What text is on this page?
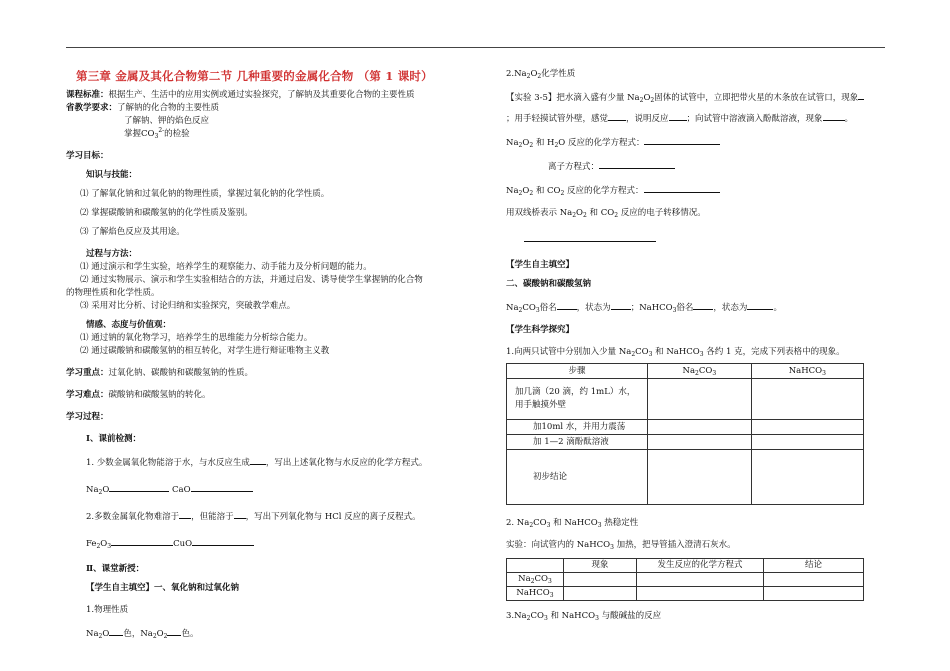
第三章 金属及其化合物第二节 几种重要的金属化合物 （第 1 课时）

课程标准：根据生产、生活中的应用实例或通过实验探究，了解钠及其重要化合物的主要性质

省教学要求：了解钠的化合物的主要性质

了解钠、钾的焰色反应

掌握$CO_3^{2-}$的检验

学习目标：

知识与技能：

⑴ 了解氧化钠和过氧化钠的物理性质，掌握过氧化钠的化学性质。

⑵ 掌握碳酸钠和碳酸氢钠的化学性质及鉴别。

⑶ 了解焰色反应及其用途。

过程与方法：

⑴ 通过演示和学生实验，培养学生的观察能力、动手能力及分析问题的能力。

⑵ 通过实物展示、演示和学生实验相结合的方法，并通过启发、诱导使学生掌握钠的化合物

的物理性质和化学性质。

⑶ 采用对比分析、讨论归纳和实验探究，突破教学难点。

情感、态度与价值观：

⑴ 通过钠的氧化物学习，培养学生的思维能力分析综合能力。

⑵ 通过碳酸钠和碳酸氢钠的相互转化，对学生进行辩证唯物主义教

学习重点：过氧化钠、碳酸钠和碳酸氢钠的性质。

学习难点：碳酸钠和碳酸氢钠的转化。

学习过程：

Ⅰ、课前检测：

1. 少数金属氧化物能溶于水，与水反应生成 ，写出上述氧化物与水反应的化学方程式。

$Na_2O$	CaO

2.多数金属氧化物难溶于 ，但能溶于 ，写出下列氧化物与 HCl 反应的离子反程式。

$Fe_2O_3$	CuO

Ⅱ、课堂新授：

【学生自主填空】一、氧化钠和过氧化钠

1.物理性质

$Na_2O$ 色，$Na_2O_2$ 色。

$2.Na_2O_2$化学性质

【实验 3-5】把水滴入盛有少量 $Na_2O_2$固体的试管中，立即把带火星的木条放在试管口，现象

；用手轻摸试管外壁，感觉 ，说明反应 ；向试管中溶液滴入酚酞溶液，现象	。

$Na_2O_2$ 和 $H_2O$ 反应的化学方程式：

离子方程式：

$Na_2O_2$ 和 $CO_2$ 反应的化学方程式：

用双线桥表示 $Na_2O_2$ 和 $CO_2$ 反应的电子转移情况。

【学生自主填空】

二、碳酸钠和碳酸氢钠

$Na_2CO_3$俗名 ，状态为 ；NaHCO$_3$俗名 ，状态为	。

【学生科学探究】

1.向两只试管中分别加入少量 $Na_2CO_3$ 和 NaHCO$_3$ 各约 1 克，完成下列表格中的现象。

步骤	$Na_2CO_3$	NaHCO$_3$
加几滴（20 滴，约 1mL）水，用手触摸外壁		
加10ml 水，并用力震荡		
加 1—2 滴酚酞溶液		
初步结论		

2. $Na_2CO_3$ 和 NaHCO$_3$ 热稳定性

实验：向试管内的 NaHCO$_3$ 加热，把导管插入澄清石灰水。

	现象	发生反应的化学方程式	结论
$Na_2CO_3$			
NaHCO$_3$			

$3.Na_2CO_3$ 和 NaHCO$_3$ 与酸碱盐的反应
